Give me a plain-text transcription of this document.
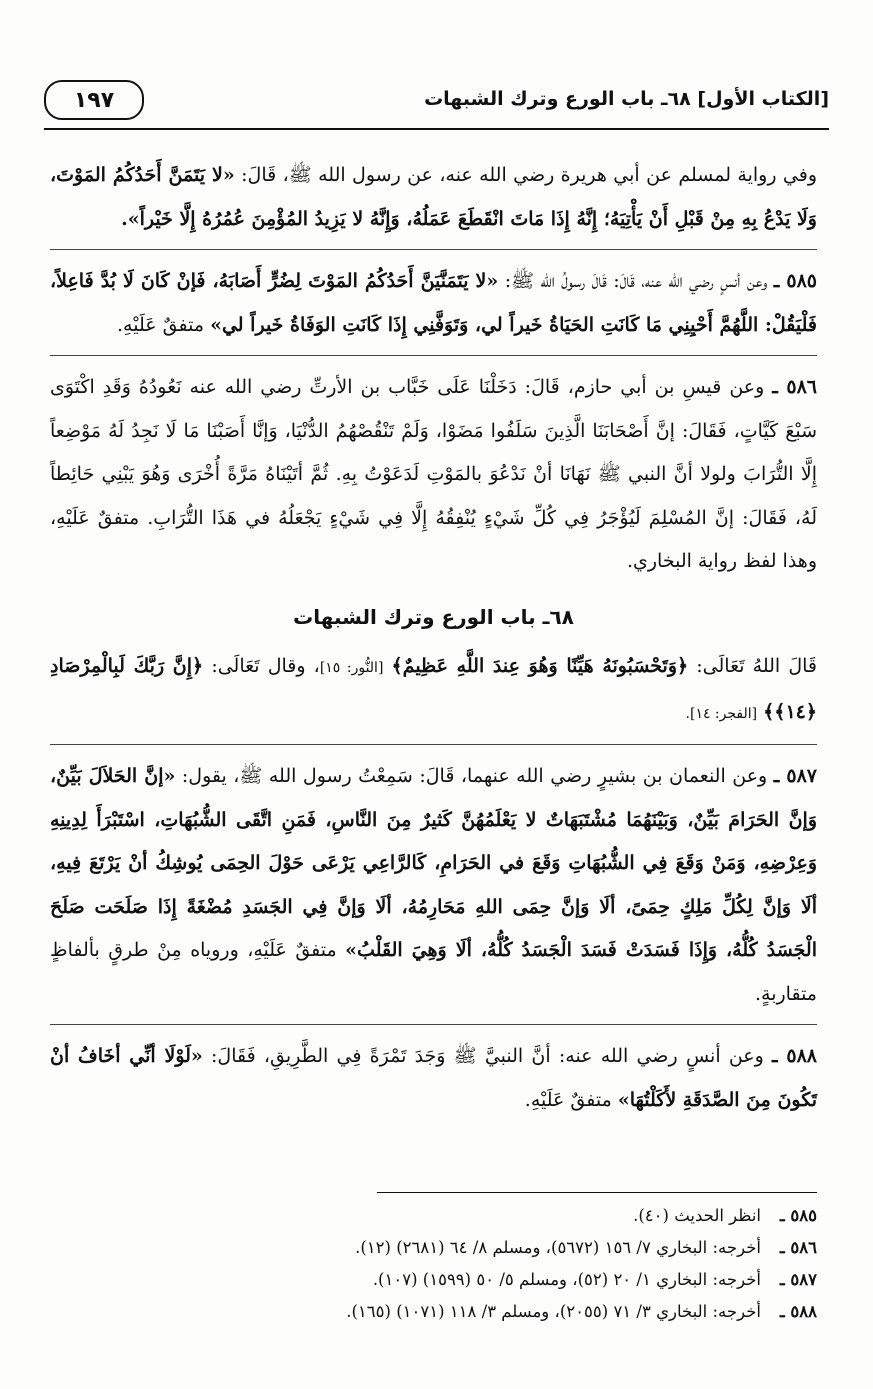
[الكتاب الأول] ٦٨ـ باب الورع وترك الشبهات
١٩٧

وفي رواية لمسلم عن أبي هريرة رضي الله عنه، عن رسول الله ﷺ، قَالَ: «لا يَتَمَنَّ أَحَدُكُمُ المَوْتَ، وَلَا يَدْعُ بِهِ مِنْ قَبْلِ أَنْ يَأْتِيَهُ؛ إِنَّهُ إِذَا مَاتَ انْقَطَعَ عَمَلُهُ، وَإِنَّهُ لا يَزِيدُ المُؤْمِنَ عُمُرُهُ إِلَّا خَيْراً».

٥٨٥ ـ وعن أنسٍ رضي الله عنه، قَالَ: قَالَ رسولُ الله ﷺ: «لا يَتَمَنَّيَنَّ أَحَدُكُمُ المَوْتَ لِضُرٍّ أَصَابَهُ، فَإنْ كَانَ لَا بُدَّ فَاعِلاً، فَلْيَقُلْ: اللَّهُمَّ أَحْيِنِي مَا كَانَتِ الحَيَاةُ خَيراً لي، وَتَوَفَّنِي إِذَا كَانَتِ الوَفَاةُ خَيراً لي» متفقٌ عَلَيْهِ.

٥٨٦ ـ وعن قيسِ بن أبي حازم، قَالَ: دَخَلْنَا عَلَى خَبَّاب بن الأرتِّ رضي الله عنه نَعُودُهُ وَقَدِ اكْتَوَى سَبْعَ كَيَّاتٍ، فَقَالَ: إنَّ أَصْحَابَنَا الَّذِينَ سَلَفُوا مَضَوْا، وَلَمْ تَنْقُصْهُمُ الدُّنْيَا، وَإنَّا أَصَبْنَا مَا لَا نَجِدُ لَهُ مَوْضِعاً إِلَّا التُّرَابَ ولولا أنَّ النبي ﷺ نَهَانَا أنْ نَدْعُوَ بالمَوْتِ لَدَعَوْتُ بِهِ. ثُمَّ أتَيْنَاهُ مَرَّةً أُخْرَى وَهُوَ يَبْنِي حَائِطاً لَهُ، فَقَالَ: إنَّ المُسْلِمَ لَيُؤْجَرُ فِي كُلِّ شَيْءٍ يُنْفِقُهُ إِلَّا فِي شَيْءٍ يَجْعَلُهُ في هَذَا التُّرَابِ. متفقٌ عَلَيْهِ، وهذا لفظ رواية البخاري.

٦٨ـ باب الورع وترك الشبهات

قَالَ اللهُ تَعَالَى: ﴿وَتَحْسَبُونَهُ هَيِّنًا وَهُوَ عِندَ اللَّهِ عَظِيمٌ﴾ [النُّور: ١٥]، وقال تَعَالَى: ﴿إِنَّ رَبَّكَ لَبِالْمِرْصَادِ ﴿١٤﴾﴾ [الفجر: ١٤].

٥٨٧ ـ وعن النعمان بن بشيرٍ رضي الله عنهما، قَالَ: سَمِعْتُ رسول الله ﷺ، يقول: «إنَّ الحَلاَلَ بَيِّنٌ، وَإنَّ الحَرَامَ بَيِّنٌ، وَبَيْنَهُمَا مُشْتَبَهَاتٌ لا يَعْلَمُهُنَّ كَثيرٌ مِنَ النَّاسِ، فَمَنِ اتَّقَى الشُّبُهَاتِ، اسْتَبْرَأَ لِدِينِهِ وَعِرْضِهِ، وَمَنْ وَقَعَ فِي الشُّبُهَاتِ وَقَعَ في الحَرَامِ، كَالرَّاعِي يَرْعَى حَوْلَ الحِمَى يُوشِكُ أنْ يَرْتَعَ فِيهِ، ألَا وَإنَّ لِكُلِّ مَلِكٍ حِمَىً، ألَا وَإنَّ حِمَى اللهِ مَحَارِمُهُ، ألَا وَإنَّ فِي الجَسَدِ مُضْغَةً إِذَا صَلَحَت صَلَحَ الْجَسَدُ كُلُّهُ، وَإِذَا فَسَدَتْ فَسَدَ الْجَسَدُ كُلُّهُ، ألَا وَهِيَ القَلْبُ» متفقٌ عَلَيْهِ، وروياه مِنْ طرقٍ بألفاظٍ متقاربةٍ.

٥٨٨ ـ وعن أنسٍ رضي الله عنه: أنَّ النبيَّ ﷺ وَجَدَ تَمْرَةً فِي الطَّرِيقِ، فَقَالَ: «لَوْلَا أنِّي أخَافُ أنْ تَكُونَ مِنَ الصَّدَقَةِ لأَكَلْتُهَا» متفقٌ عَلَيْهِ.

٥٨٥ ـ
انظر الحديث (٤٠).
٥٨٦ ـ
أخرجه: البخاري ٧/ ١٥٦ (٥٦٧٢)، ومسلم ٨/ ٦٤ (٢٦٨١) (١٢).
٥٨٧ ـ
أخرجه: البخاري ١/ ٢٠ (٥٢)، ومسلم ٥/ ٥٠ (١٥٩٩) (١٠٧).
٥٨٨ ـ
أخرجه: البخاري ٣/ ٧١ (٢٠٥٥)، ومسلم ٣/ ١١٨ (١٠٧١) (١٦٥).
